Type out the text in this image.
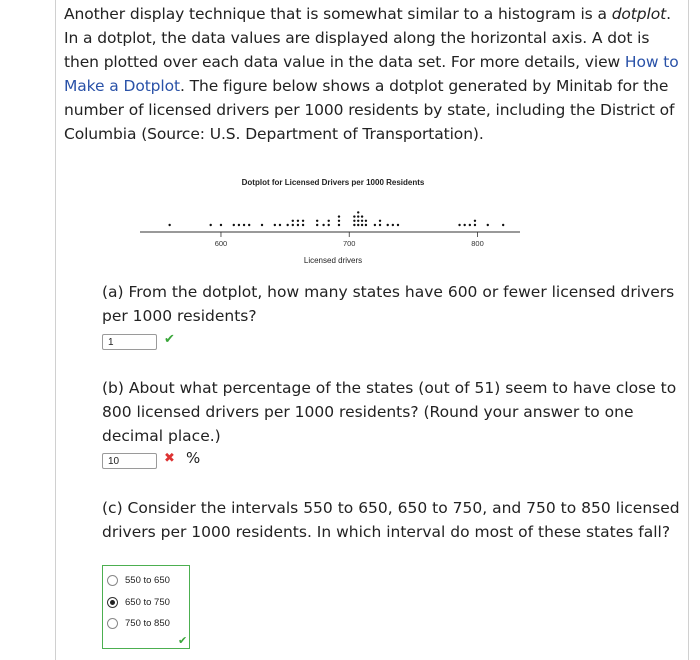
Another display technique that is somewhat similar to a histogram is a dotplot. In a dotplot, the data values are displayed along the horizontal axis. A dot is then plotted over each data value in the data set. For more details, view How to Make a Dotplot. The figure below shows a dotplot generated by Minitab for the number of licensed drivers per 1000 residents by state, including the District of Columbia (Source: U.S. Department of Transportation).
Dotplot for Licensed Drivers per 1000 Residents
600	700	800
Licensed drivers
(a) From the dotplot, how many states have 600 or fewer licensed drivers per 1000 residents?
1	✔
(b) About what percentage of the states (out of 51) seem to have close to 800 licensed drivers per 1000 residents? (Round your answer to one decimal place.)
10	✖ %
(c) Consider the intervals 550 to 650, 650 to 750, and 750 to 850 licensed drivers per 1000 residents. In which interval do most of these states fall?
550 to 650
650 to 750
750 to 850
✔
